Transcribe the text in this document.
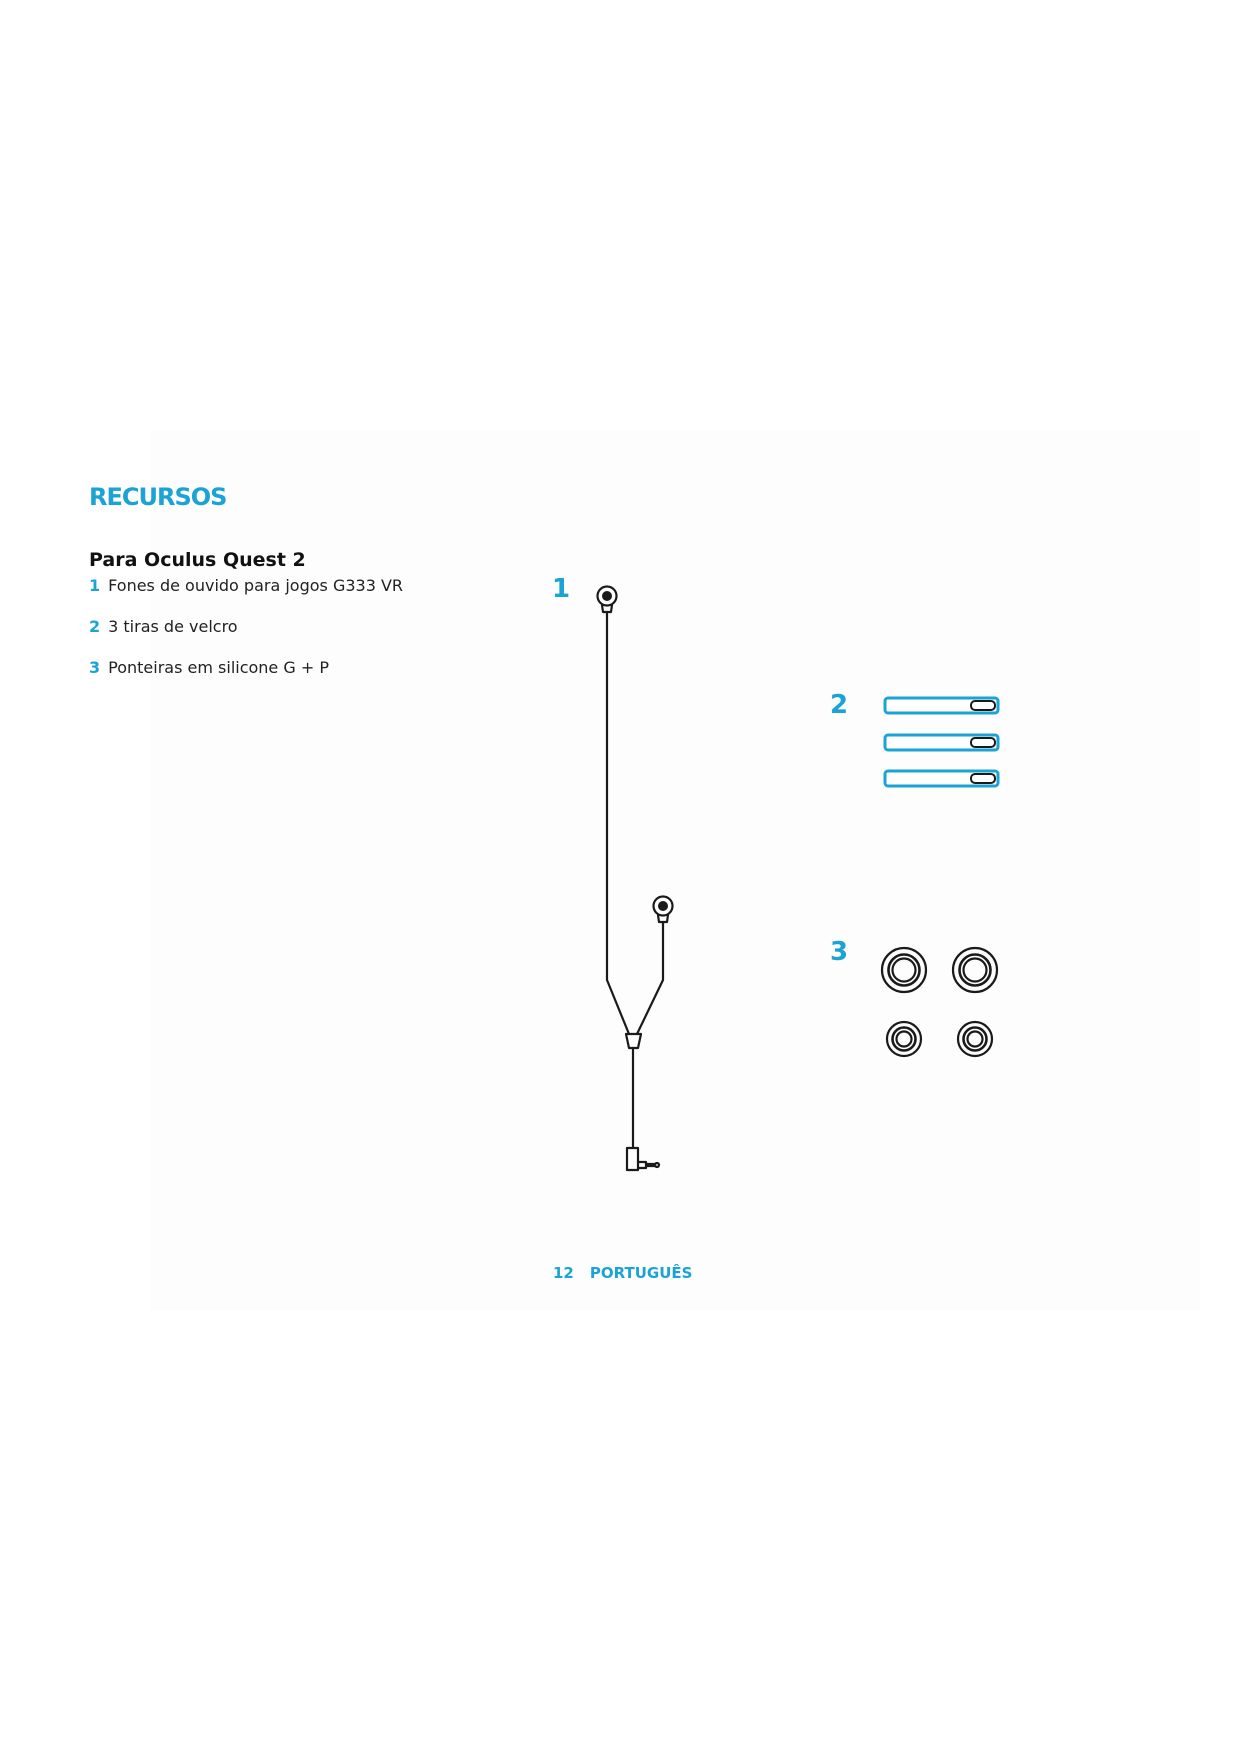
RECURSOS
Para Oculus Quest 2
1 Fones de ouvido para jogos G333 VR
2 3 tiras de velcro
3 Ponteiras em silicone G + P
1
2
3
12 PORTUGUÊS
